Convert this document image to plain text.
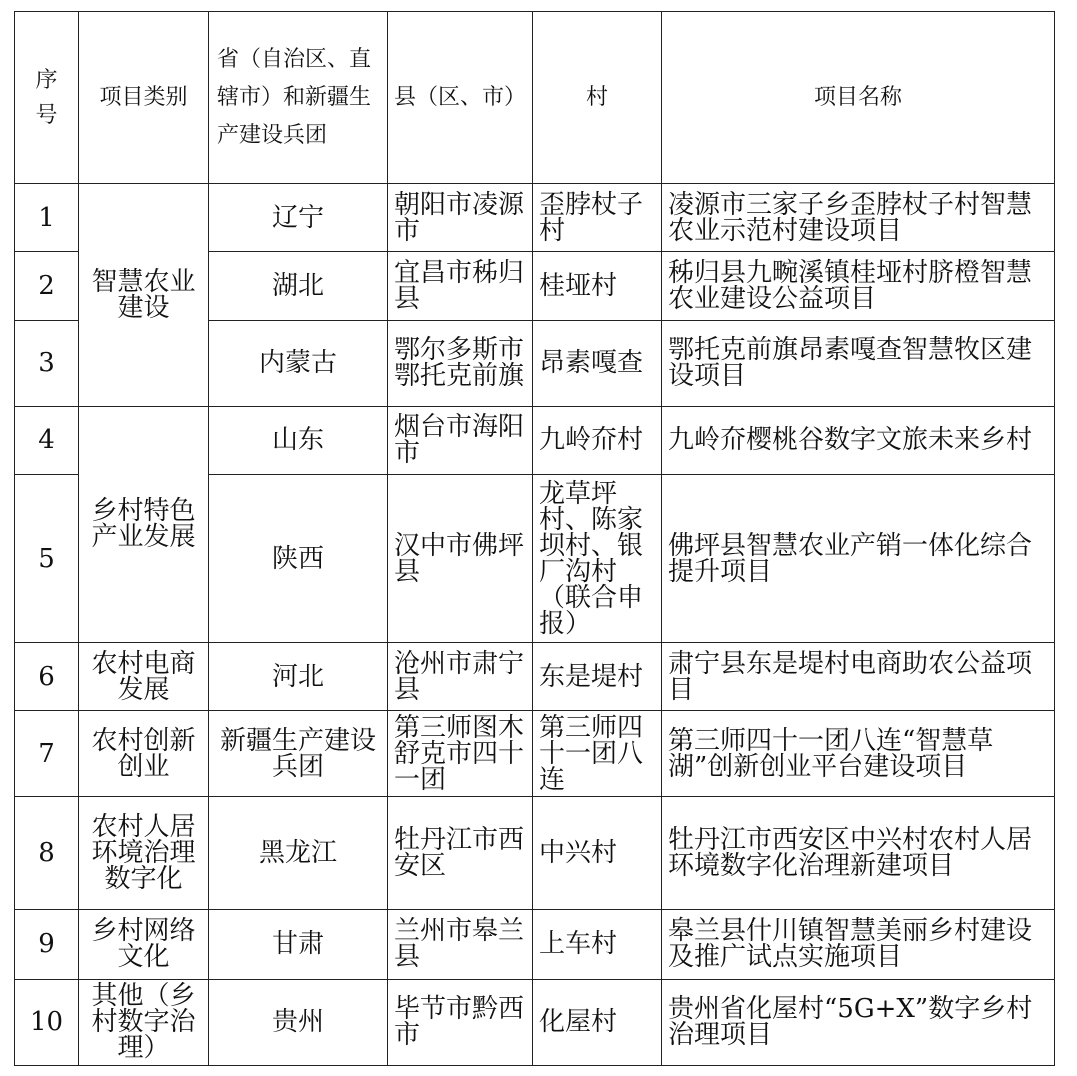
序号	项目类别	省（自治区、直辖市）和新疆生产建设兵团	县（区、市）	村	项目名称
1	智慧农业建设	辽宁	朝阳市凌源市	歪脖杖子村	凌源市三家子乡歪脖杖子村智慧农业示范村建设项目
2		湖北	宜昌市秭归县	桂垭村	秭归县九畹溪镇桂垭村脐橙智慧农业建设公益项目
3		内蒙古	鄂尔多斯市鄂托克前旗	昂素嘎查	鄂托克前旗昂素嘎查智慧牧区建设项目
4	乡村特色产业发展	山东	烟台市海阳市	九岭夼村	九岭夼樱桃谷数字文旅未来乡村
5		陕西	汉中市佛坪县	龙草坪村、陈家坝村、银厂沟村（联合申报）	佛坪县智慧农业产销一体化综合提升项目
6	农村电商发展	河北	沧州市肃宁县	东是堤村	肃宁县东是堤村电商助农公益项目
7	农村创新创业	新疆生产建设兵团	第三师图木舒克市四十一团	第三师四十一团八连	第三师四十一团八连“智慧草湖”创新创业平台建设项目
8	农村人居环境治理数字化	黑龙江	牡丹江市西安区	中兴村	牡丹江市西安区中兴村农村人居环境数字化治理新建项目
9	乡村网络文化	甘肃	兰州市皋兰县	上车村	皋兰县什川镇智慧美丽乡村建设及推广试点实施项目
10	其他（乡村数字治理）	贵州	毕节市黔西市	化屋村	贵州省化屋村“5G+X”数字乡村治理项目
